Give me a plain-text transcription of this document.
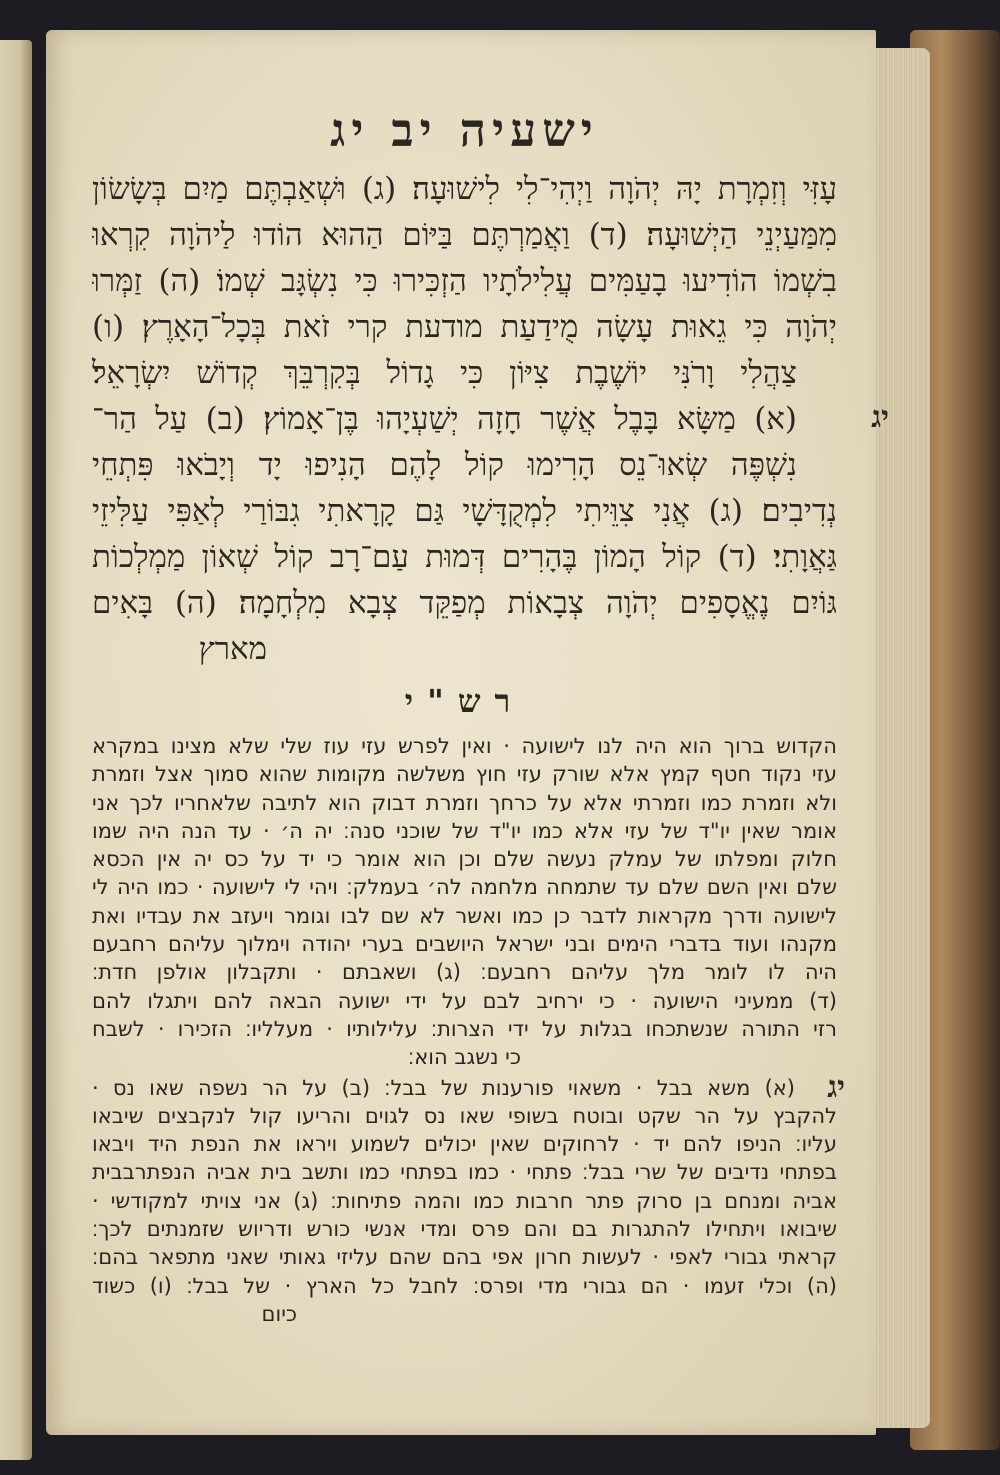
ישעיה יב יג
עָזִּי וְזִמְרָת יָהּ יְהֹוָה וַיְהִי־לִי לִישׁוּעָה׃ (ג) וּשְׁאַבְתֶּם מַיִם בְּשָׂשׂוֹן
מִמַּעַיְנֵי הַיְשׁוּעָה׃ (ד) וַאֲמַרְתֶּם בַּיּוֹם הַהוּא הוֹדוּ לַיהֹוָה קִרְאוּ
בִשְׁמוֹ הוֹדִיעוּ בָעַמִּים עֲלִילֹתָיו הַזְכִּירוּ כִּי נִשְׂגָּב שְׁמוֹ׃ (ה) זַמְּרוּ
יְהֹוָה כִּי גֵאוּת עָשָׂה מֻידַעַת מודעת קרי זֹאת בְּכָל־הָאָרֶץ׃ (ו)
צַהֲלִי וָרֹנִּי יוֹשֶׁבֶת צִיּוֹן כִּי גָדוֹל בְּקִרְבֵּךְ קְדוֹשׁ יִשְׂרָאֵל׃
יג
(א) מַשָּׂא בָּבֶל אֲשֶׁר חָזָה יְשַׁעְיָהוּ בֶּן־אָמוֹץ׃ (ב) עַל הַר־
נִשְׁפֶּה שְׂאוּ־נֵס הָרִימוּ קוֹל לָהֶם הָנִיפוּ יָד וְיָבֹאוּ פִּתְחֵי
נְדִיבִים׃ (ג) אֲנִי צִוֵּיתִי לִמְקֻדָּשָׁי גַּם קָרָאתִי גִבּוֹרַי לְאַפִּי עַלִּיזֵי
גַּאֲוָתִי׃ (ד) קוֹל הָמוֹן בֶּהָרִים דְּמוּת עַם־רָב קוֹל שְׁאוֹן מַמְלְכוֹת
גּוֹיִם נֶאֱסָפִים יְהֹוָה צְבָאוֹת מְפַקֵּד צְבָא מִלְחָמָה׃ (ה) בָּאִים
מארץ
רש"י
הקדוש ברוך הוא היה לנו לישועה · ואין לפרש עזי עוז שלי שלא מצינו במקרא
עזי נקוד חטף קמץ אלא שורק עזי חוץ משלשה מקומות שהוא סמוך אצל וזמרת
ולא וזמרת כמו וזמרתי אלא על כרחך וזמרת דבוק הוא לתיבה שלאחריו לכך אני
אומר שאין יו"ד של עזי אלא כמו יו"ד של שוכני סנה׃ יה ה׳ · עד הנה היה שמו
חלוק ומפלתו של עמלק נעשה שלם וכן הוא אומר כי יד על כס יה אין הכסא
שלם ואין השם שלם עד שתמחה מלחמה לה׳ בעמלק׃ ויהי לי לישועה · כמו היה לי
לישועה ודרך מקראות לדבר כן כמו ואשר לא שם לבו וגומר ויעזב את עבדיו ואת
מקנהו ועוד בדברי הימים ובני ישראל היושבים בערי יהודה וימלוך עליהם רחבעם
היה לו לומר מלך עליהם רחבעם׃ (ג) ושאבתם · ותקבלון אולפן חדת׃
(ד) ממעיני הישועה · כי ירחיב לבם על ידי ישועה הבאה להם ויתגלו להם
רזי התורה שנשתכחו בגלות על ידי הצרות׃ עלילותיו · מעלליו׃ הזכירו · לשבח
כי נשגב הוא׃
יג
(א) משא בבל · משאוי פורענות של בבל׃ (ב) על הר נשפה שאו נס ·
להקבץ על הר שקט ובוטח בשופי שאו נס לגוים והריעו קול לנקבצים שיבאו
עליו׃ הניפו להם יד · לרחוקים שאין יכולים לשמוע ויראו את הנפת היד ויבאו
בפתחי נדיבים של שרי בבל׃ פתחי · כמו בפתחי כמו ותשב בית אביה הנפתרבבית
אביה ומנחם בן סרוק פתר חרבות כמו והמה פתיחות׃ (ג) אני צויתי למקודשי ·
שיבואו ויתחילו להתגרות בם והם פרס ומדי אנשי כורש ודריוש שזמנתים לכך׃
קראתי גבורי לאפי · לעשות חרון אפי בהם שהם עליזי גאותי שאני מתפאר בהם׃
(ה) וכלי זעמו · הם גבורי מדי ופרס׃ לחבל כל הארץ · של בבל׃ (ו) כשוד
כיום
